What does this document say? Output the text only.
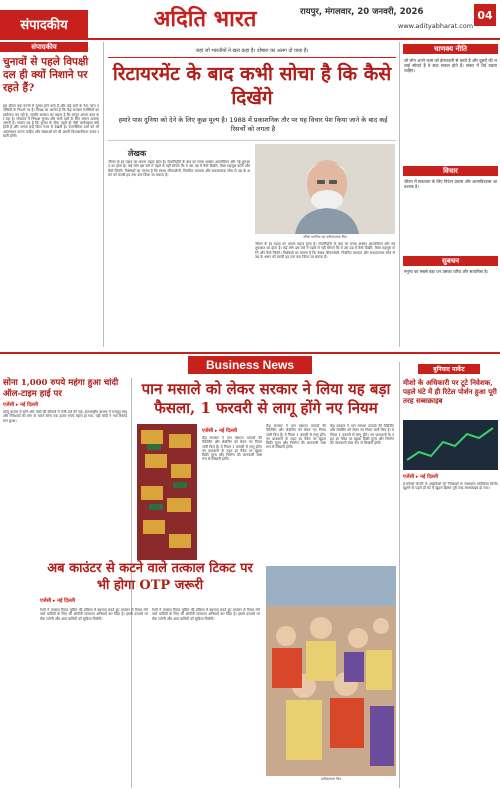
संपादकीय	अदिति भारत	रायपुर, मंगलवार, 20 जनवरी, 2026
www.adityabharat.com
04
संपादकीय
चुनावों से पहले विपक्षी दल ही क्यों निशाने पर रहते हैं?
इस दौरान कई राज्यों में चुनाव होने वाले हैं और कई दलों के नेता जांच एजेंसियों के निशाने पर हैं। विपक्ष का आरोप है कि केंद्र सरकार एजेंसियों का इस्तेमाल कर रही है, जबकि सरकार का कहना है कि कानून अपना काम कर रहा है। लोकतंत्र में निष्पक्ष चुनाव और सभी दलों के लिए समान अवसर जरूरी है। सवाल यह है कि चुनाव के ठीक पहले ही ऐसी कार्रवाइयां क्यों होती हैं और जनता इन्हें किस नजर से देखती है। राजनीतिक दलों को भी आत्ममंथन करना चाहिए और संस्थाओं को भी अपनी विश्वसनीयता बनाए रखनी होगी।
जहां जो भारतीयों ने खरा कहा है। दोषारा का अलग दो पाया है।
रिटायरमेंट के बाद कभी सोचा है कि कैसे दिखेंगे
हमारे पास दुनिया को देने के लिए कुछ मूल्य है। 1988 में प्रकाशनिक तौर पर यह विचार पेश किया जाने के बाद कई रिसर्चों को लगता है
लेखक
जीवन के हर पड़ाव का अपना महत्व होता है। सेवानिवृत्ति के बाद का समय अक्सर आत्मचिंतन और नई शुरुआत का होता है। कई लोग इस बारे में पहले से नहीं सोचते कि वे उस उम्र में कैसे दिखेंगे, कैसा महसूस करेंगे और कैसे जिएंगे। विशेषज्ञों का मानना है कि स्वस्थ जीवनशैली, नियमित व्यायाम और सकारात्मक सोच से उम्र के असर को काफी हद तक कम किया जा सकता है।
वरिष्ठ नागरिक का प्रतीकात्मक चित्र
जीवन के हर पड़ाव का अपना महत्व होता है। सेवानिवृत्ति के बाद का समय अक्सर आत्मचिंतन और नई शुरुआत का होता है। कई लोग इस बारे में पहले से नहीं सोचते कि वे उस उम्र में कैसे दिखेंगे, कैसा महसूस करेंगे और कैसे जिएंगे। विशेषज्ञों का मानना है कि स्वस्थ जीवनशैली, नियमित व्यायाम और सकारात्मक सोच से उम्र के असर को काफी हद तक कम किया जा सकता है।
चाणक्य नीति
जो लोग अपने काम को ईमानदारी से करते हैं और दूसरों की भलाई सोचते हैं वे सदा सफल होते हैं। संकट में धैर्य रखना चाहिए।
विचार
जीवन में सफलता के लिए निरंतर प्रयास और आत्मविश्वास आवश्यक है।
सुबचन
मनुष्य का सबसे बड़ा धन उसका चरित्र और सत्यनिष्ठा है।
Business News
सोना 1,000 रुपये महंगा हुआ चांदी ऑल-टाइम हाई पर
एजेंसी ▸ नई दिल्ली
घरेलू बाजार में सोने और चांदी की कीमतों में तेजी दर्ज की गई। अंतरराष्ट्रीय बाजार में मजबूत रुख और निवेशकों की मांग के चलते सोना एक हजार रुपये महंगा हो गया, वहीं चांदी ने नया रिकॉर्ड स्तर छुआ।
पान मसाले को लेकर सरकार ने लिया यह बड़ा फैसला, 1 फरवरी से लागू होंगे नए नियम
एजेंसी ▸ नई दिल्ली
केंद्र सरकार ने पान मसाला उत्पादों की पैकेजिंग और लेबलिंग को लेकर नए नियम जारी किए हैं। ये नियम 1 फरवरी से लागू होंगे। नए प्रावधानों के तहत हर पैकेट पर खुदरा बिक्री मूल्य और निर्माण की जानकारी स्पष्ट रूप से लिखनी होगी।
केंद्र सरकार ने पान मसाला उत्पादों की पैकेजिंग और लेबलिंग को लेकर नए नियम जारी किए हैं। ये नियम 1 फरवरी से लागू होंगे। नए प्रावधानों के तहत हर पैकेट पर खुदरा बिक्री मूल्य और निर्माण की जानकारी स्पष्ट रूप से लिखनी होगी।
केंद्र सरकार ने पान मसाला उत्पादों की पैकेजिंग और लेबलिंग को लेकर नए नियम जारी किए हैं। ये नियम 1 फरवरी से लागू होंगे। नए प्रावधानों के तहत हर पैकेट पर खुदरा बिक्री मूल्य और निर्माण की जानकारी स्पष्ट रूप से लिखनी होगी।
प्रतीकात्मक चित्र
अब काउंटर से कटने वाले तत्काल टिकट पर भी होगा OTP जरूरी
एजेंसी ▸ नई दिल्ली
रेलवे ने तत्काल टिकट बुकिंग की प्रक्रिया में बदलाव करते हुए काउंटर से टिकट लेने वाले यात्रियों के लिए भी ओटीपी सत्यापन अनिवार्य कर दिया है। इससे दलालों पर रोक लगेगी और आम यात्रियों को सुविधा मिलेगी।
रेलवे ने तत्काल टिकट बुकिंग की प्रक्रिया में बदलाव करते हुए काउंटर से टिकट लेने वाले यात्रियों के लिए भी ओटीपी सत्यापन अनिवार्य कर दिया है। इससे दलालों पर रोक लगेगी और आम यात्रियों को सुविधा मिलेगी।
बुनियाद मार्केट
मीशो के अधिकारी पर टूटे निवेशक, पहले घंटे में ही रिटेल पोर्शन हुआ पूरी तरह सब्सक्राइब
एजेंसी ▸ नई दिल्ली
ई-कॉमर्स कंपनी के आईपीओ को निवेशकों से जबरदस्त प्रतिक्रिया मिली। खुलने के पहले ही घंटे में खुदरा हिस्सा पूरी तरह सब्सक्राइब हो गया।
